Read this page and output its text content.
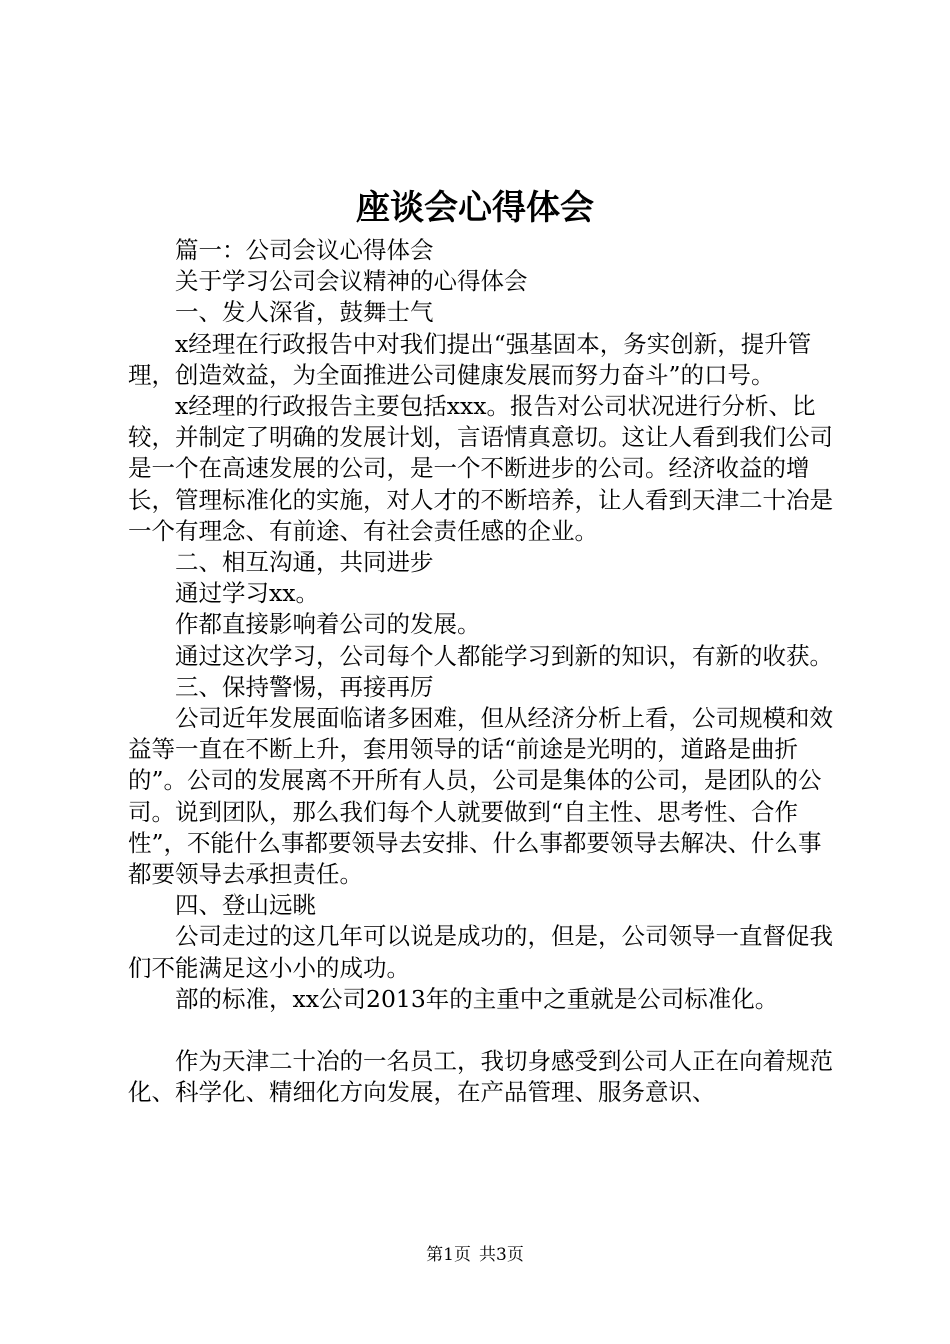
座谈会心得体会

篇一：公司会议心得体会

关于学习公司会议精神的心得体会

一、发人深省，鼓舞士气

x经理在行政报告中对我们提出“强基固本，务实创新，提升管理，创造效益，为全面推进公司健康发展而努力奋斗”的口号。

x经理的行政报告主要包括xxx。报告对公司状况进行分析、比较，并制定了明确的发展计划，言语情真意切。这让人看到我们公司是一个在高速发展的公司，是一个不断进步的公司。经济收益的增长，管理标准化的实施，对人才的不断培养，让人看到天津二十冶是一个有理念、有前途、有社会责任感的企业。

二、相互沟通，共同进步

通过学习xx。

作都直接影响着公司的发展。

通过这次学习，公司每个人都能学习到新的知识，有新的收获。

三、保持警惕，再接再厉

公司近年发展面临诸多困难，但从经济分析上看，公司规模和效益等一直在不断上升，套用领导的话“前途是光明的，道路是曲折的”。公司的发展离不开所有人员，公司是集体的公司，是团队的公司。说到团队，那么我们每个人就要做到“自主性、思考性、合作性”，不能什么事都要领导去安排、什么事都要领导去解决、什么事都要领导去承担责任。

四、登山远眺

公司走过的这几年可以说是成功的，但是，公司领导一直督促我们不能满足这小小的成功。

部的标准，xx公司2013年的主重中之重就是公司标准化。

作为天津二十冶的一名员工，我切身感受到公司人正在向着规范化、科学化、精细化方向发展，在产品管理、服务意识、

第1页 共3页
